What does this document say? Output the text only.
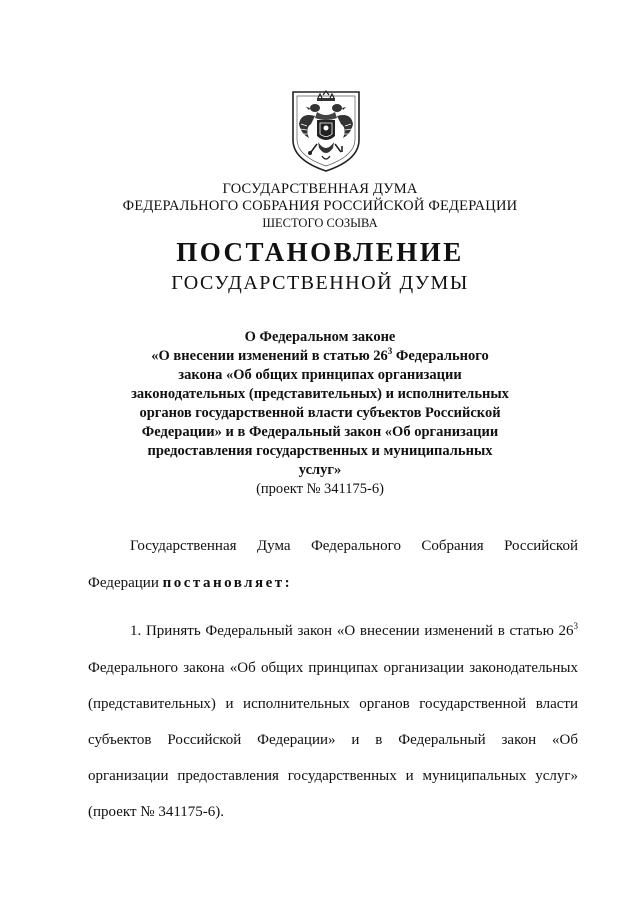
ГОСУДАРСТВЕННАЯ ДУМА
ФЕДЕРАЛЬНОГО СОБРАНИЯ РОССИЙСКОЙ ФЕДЕРАЦИИ
ШЕСТОГО СОЗЫВА
ПОСТАНОВЛЕНИЕ
ГОСУДАРСТВЕННОЙ ДУМЫ
О Федеральном законе
«О внесении изменений в статью $26^3$ Федерального
закона «Об общих принципах организации
законодательных (представительных) и исполнительных
органов государственной власти субъектов Российской
Федерации» и в Федеральный закон «Об организации
предоставления государственных и муниципальных
услуг»
(проект № 341175-6)
Государственная Дума Федерального Собрания Российской
Федерации постановляет:
1. Принять Федеральный закон «О внесении изменений в статью $26^3$
Федерального закона «Об общих принципах организации законодательных
(представительных) и исполнительных органов государственной власти
субъектов Российской Федерации» и в Федеральный закон «Об
организации предоставления государственных и муниципальных услуг»
(проект № 341175-6).
